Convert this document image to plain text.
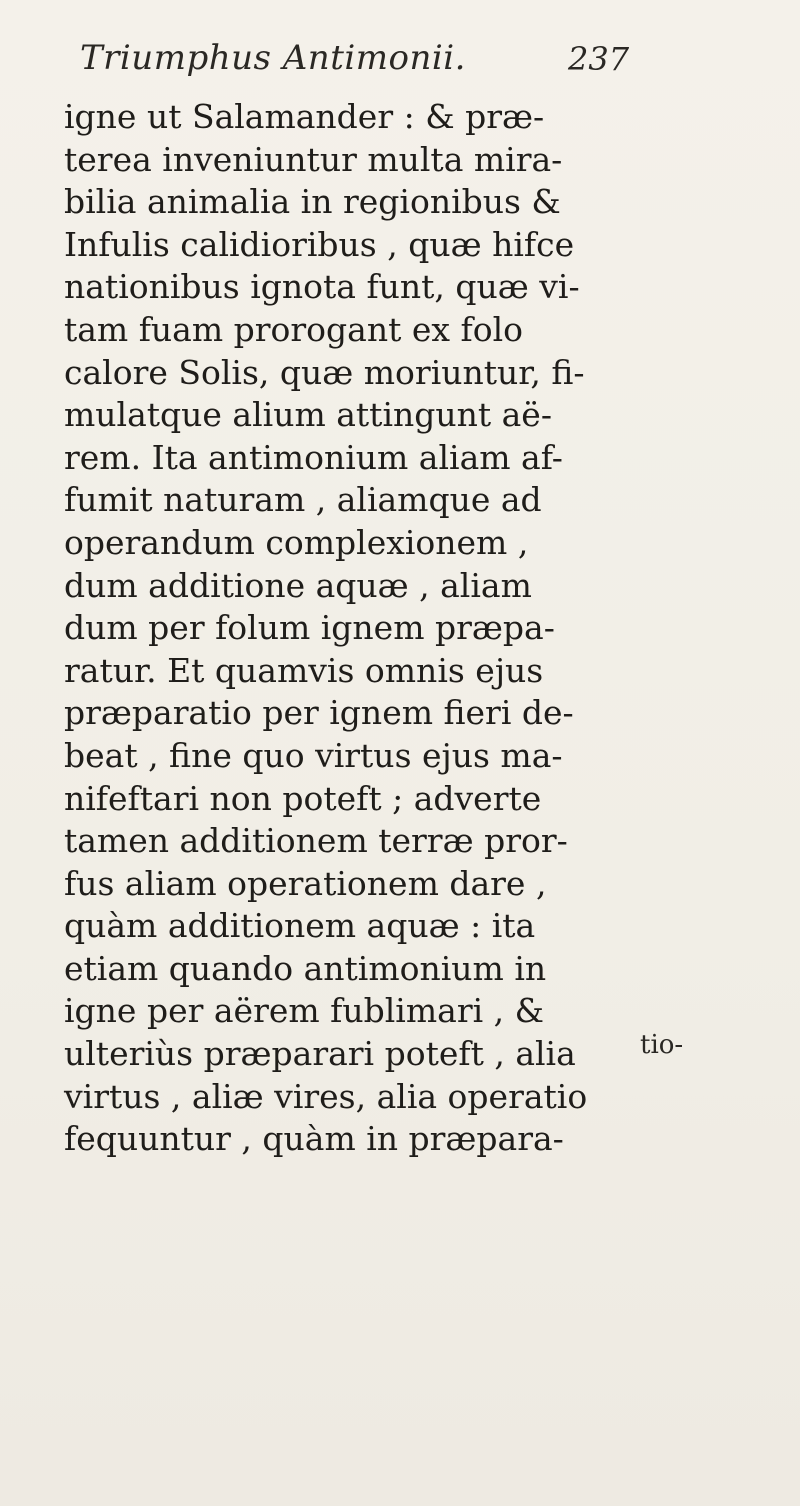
Triumphus Antimonii.	237
igne ut Salamander : & præ-
terea inveniuntur multa mira-
bilia animalia in regionibus &
Infulis calidioribus , quæ hifce
nationibus ignota funt, quæ vi-
tam fuam prorogant ex folo
calore Solis, quæ moriuntur, fi-
mulatque alium attingunt aë-
rem. Ita antimonium aliam af-
fumit naturam , aliamque ad
operandum complexionem ,
dum additione aquæ , aliam
dum per folum ignem præpa-
ratur. Et quamvis omnis ejus
præparatio per ignem fieri de-
beat , fine quo virtus ejus ma-
nifeftari non poteft ; adverte
tamen additionem terræ pror-
fus aliam operationem dare ,
quàm additionem aquæ : ita
etiam quando antimonium in
igne per aërem fublimari , &
ulteriùs præparari poteft , alia
virtus , aliæ vires, alia operatio
fequuntur , quàm in præpara-
tio-
